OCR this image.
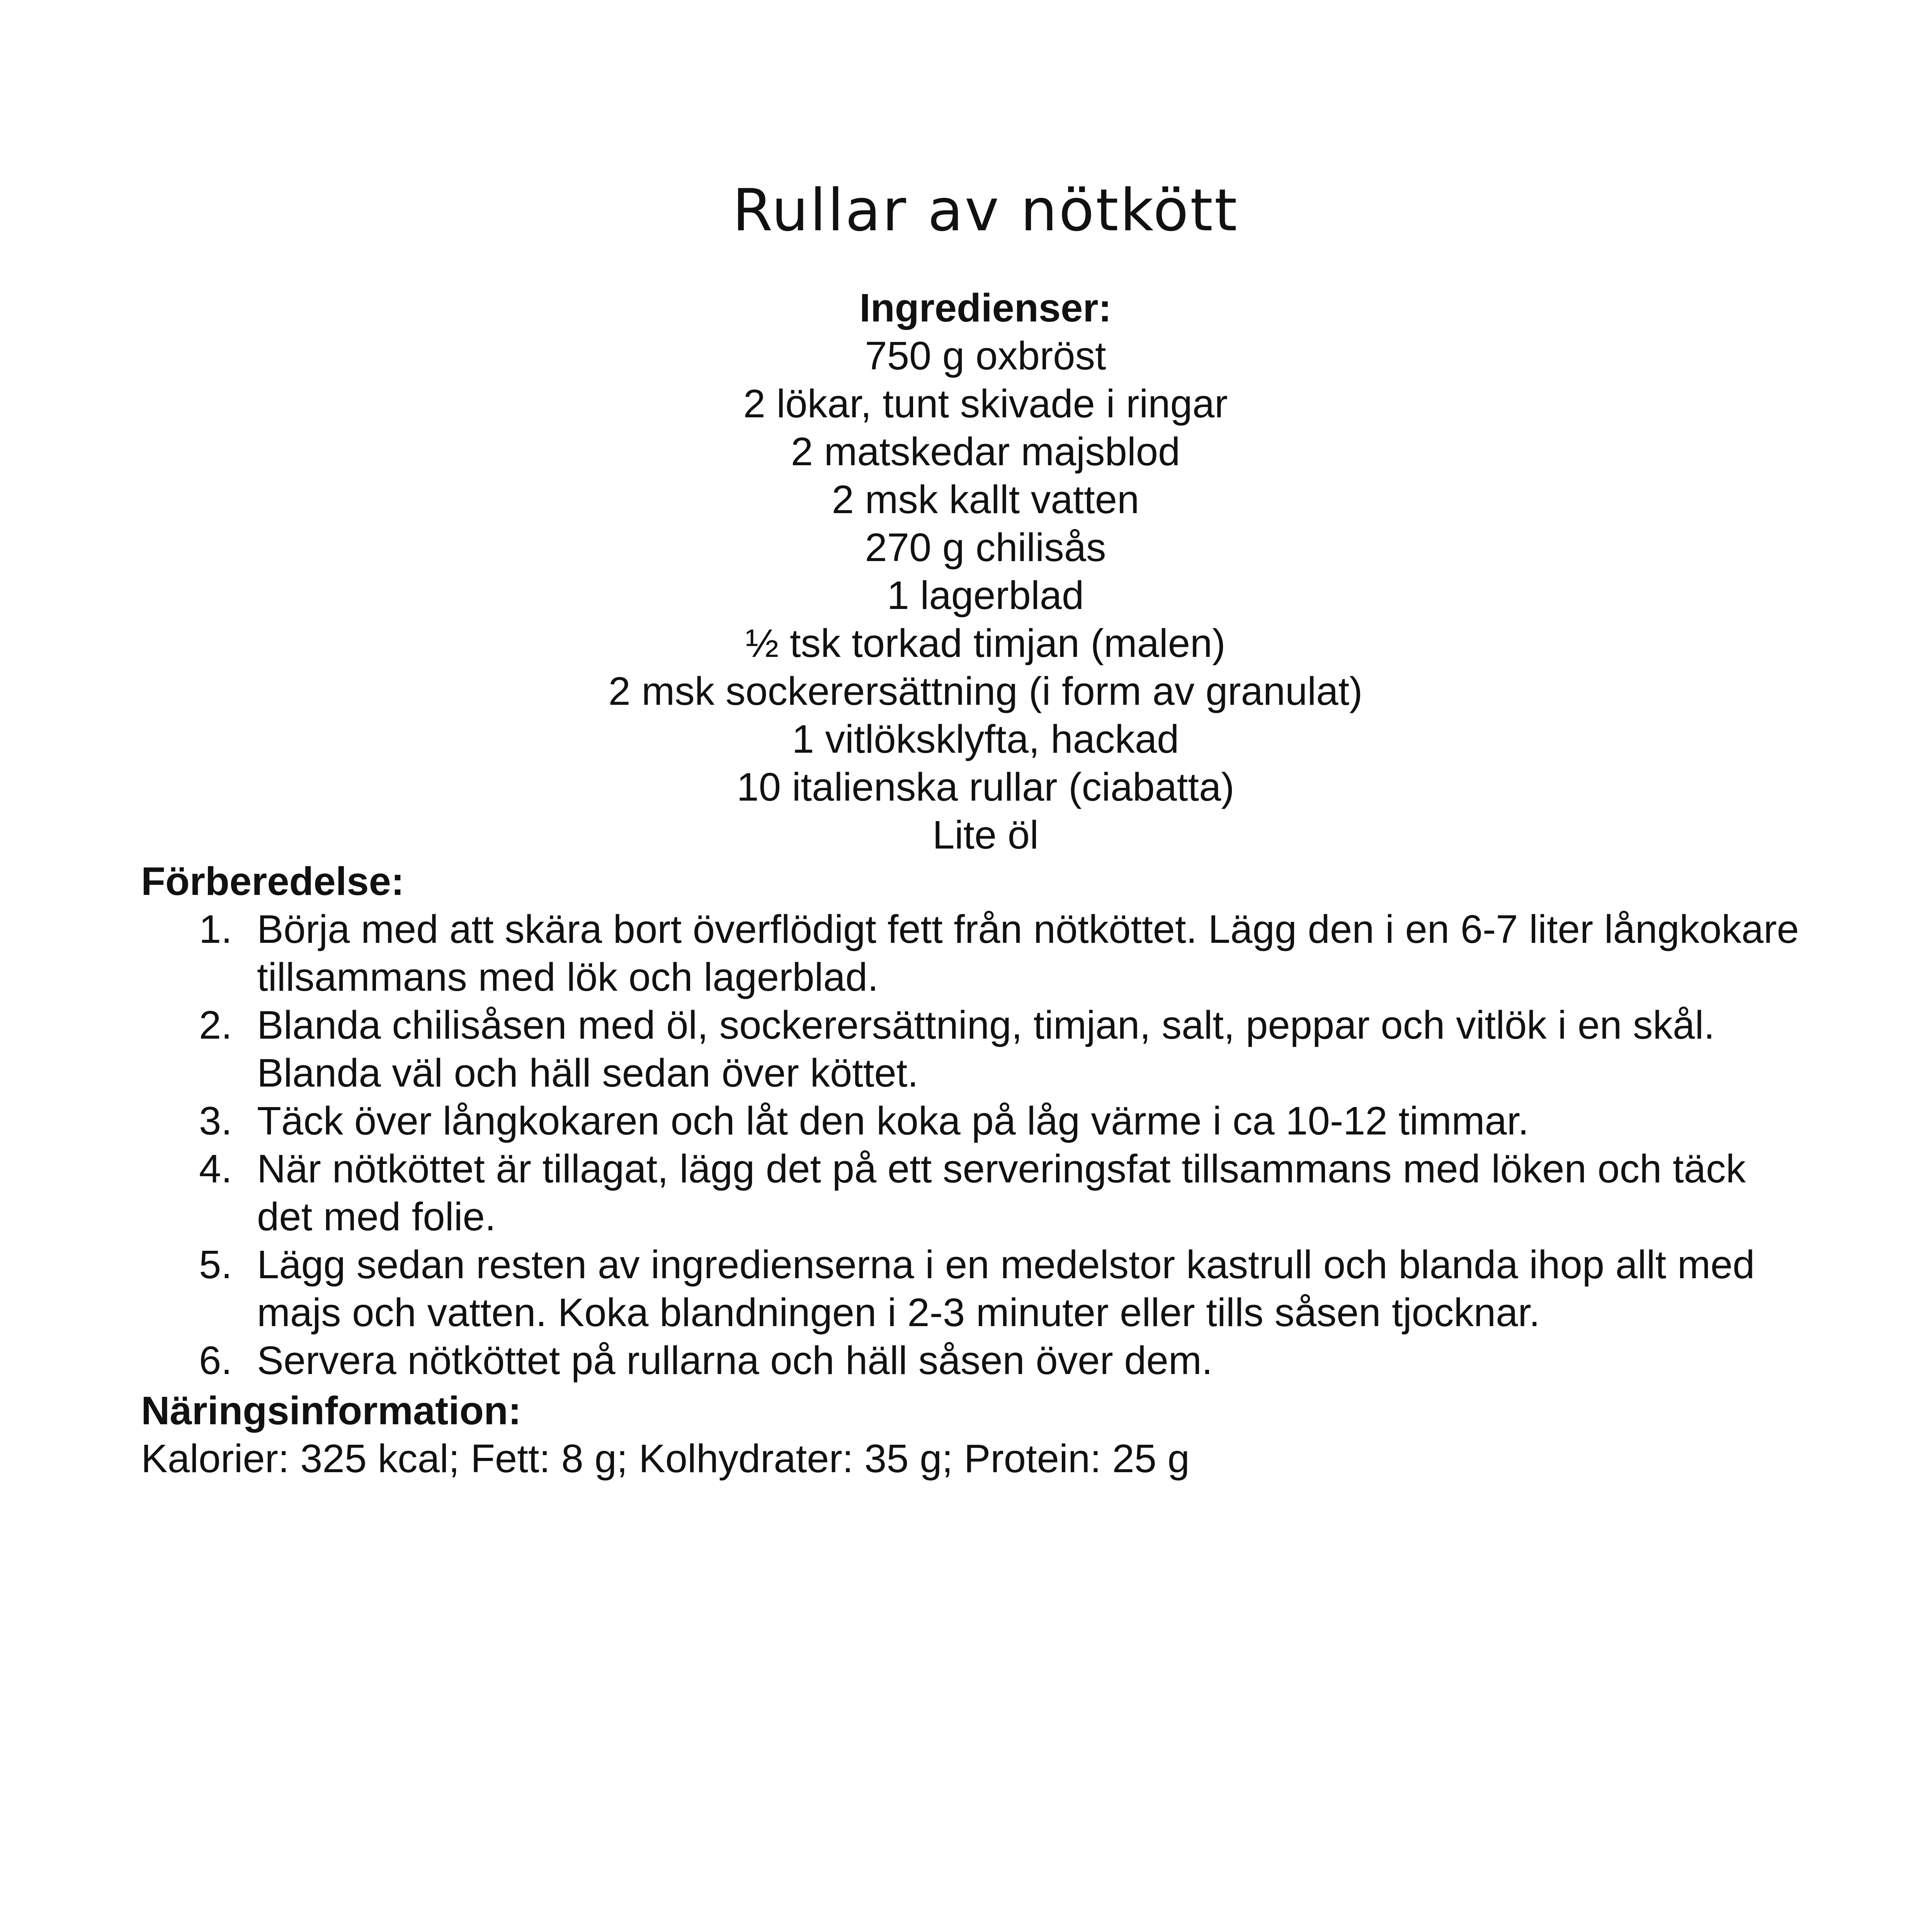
Rullar av nötkött
Ingredienser:
750 g oxbröst
2 lökar, tunt skivade i ringar
2 matskedar majsblod
2 msk kallt vatten
270 g chilisås
1 lagerblad
½ tsk torkad timjan (malen)
2 msk sockerersättning (i form av granulat)
1 vitlöksklyfta, hackad
10 italienska rullar (ciabatta)
Lite öl
Förberedelse:
1. Börja med att skära bort överflödigt fett från nötköttet. Lägg den i en 6-7 liter långkokare tillsammans med lök och lagerblad.
2. Blanda chilisåsen med öl, sockerersättning, timjan, salt, peppar och vitlök i en skål. Blanda väl och häll sedan över köttet.
3. Täck över långkokaren och låt den koka på låg värme i ca 10-12 timmar.
4. När nötköttet är tillagat, lägg det på ett serveringsfat tillsammans med löken och täck det med folie.
5. Lägg sedan resten av ingredienserna i en medelstor kastrull och blanda ihop allt med majs och vatten. Koka blandningen i 2-3 minuter eller tills såsen tjocknar.
6. Servera nötköttet på rullarna och häll såsen över dem.
Näringsinformation:

Kalorier: 325 kcal; Fett: 8 g; Kolhydrater: 35 g; Protein: 25 g
